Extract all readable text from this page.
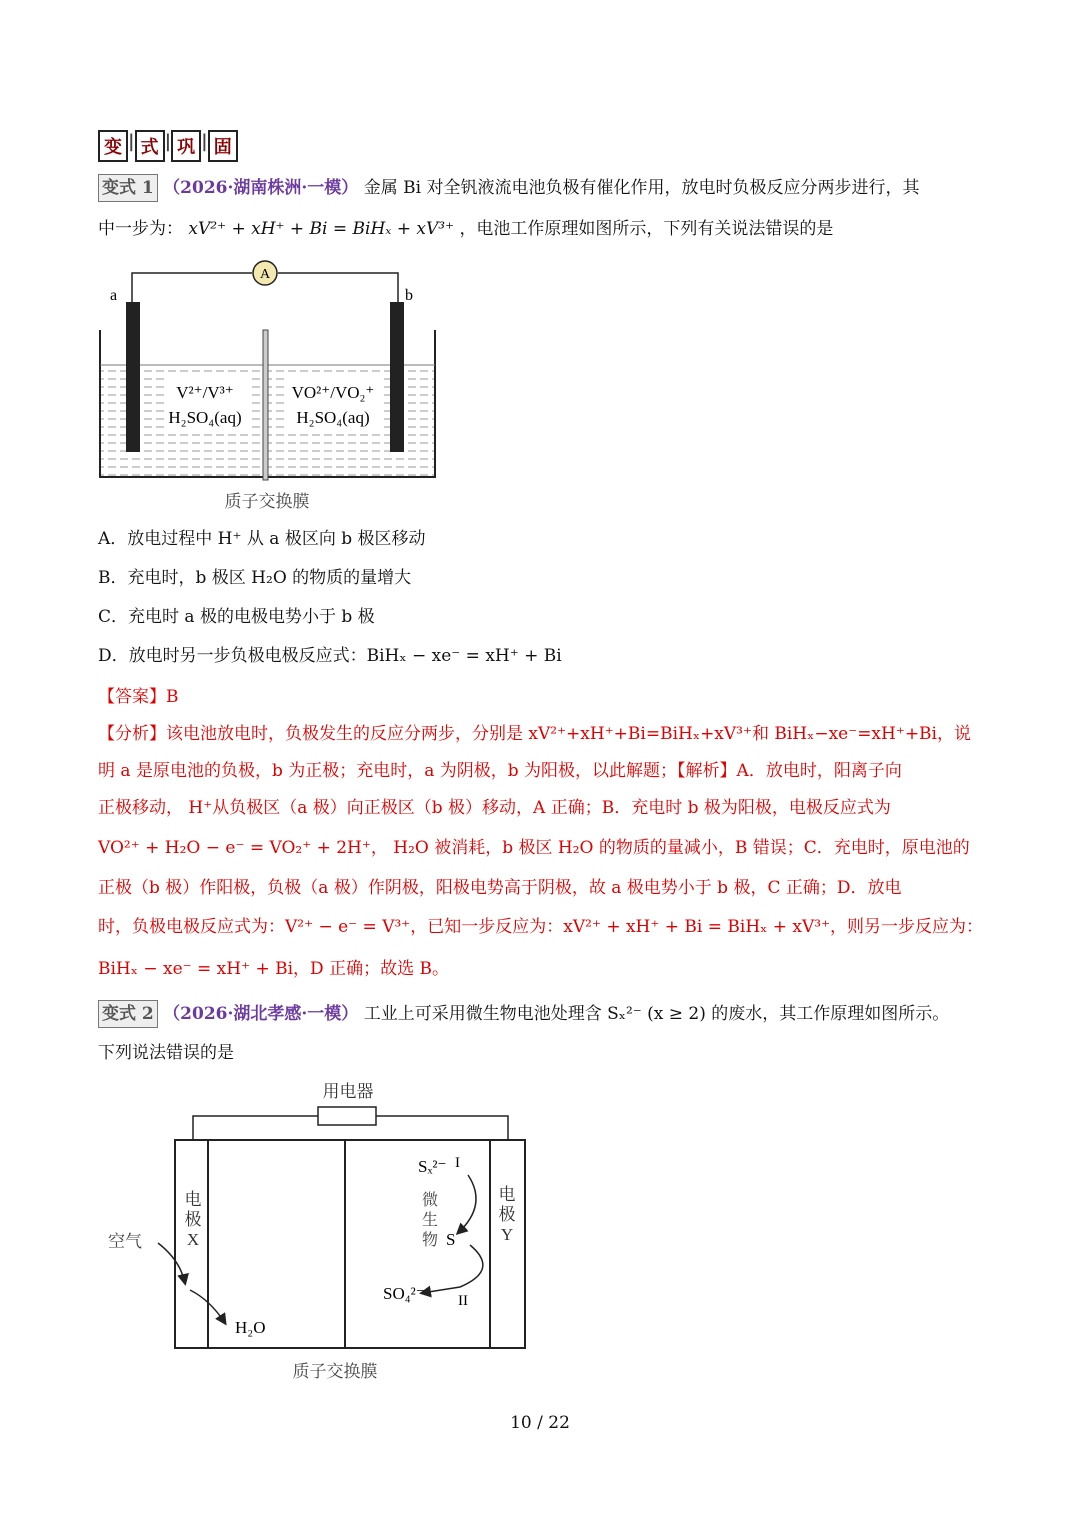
变 | 式 | 巩 | 固
变式 1 （2026·湖南株洲·一模） 金属 Bi 对全钒液流电池负极有催化作用，放电时负极反应分两步进行，其
中一步为： xV²⁺ + xH⁺ + Bi = BiHₓ + xV³⁺ ，电池工作原理如图所示，下列有关说法错误的是
A
a	b
V²⁺/V³⁺
H₂SO₄(aq)
VO²⁺/VO₂⁺
H₂SO₄(aq)
质子交换膜
A．放电过程中 H⁺ 从 a 极区向 b 极区移动
B．充电时，b 极区 H₂O 的物质的量增大
C．充电时 a 极的电极电势小于 b 极
D．放电时另一步负极电极反应式：BiHₓ − xe⁻ = xH⁺ + Bi
【答案】B
【分析】该电池放电时，负极发生的反应分两步，分别是 xV²⁺+xH⁺+Bi=BiHₓ+xV³⁺和 BiHₓ−xe⁻=xH⁺+Bi，说
明 a 是原电池的负极，b 为正极；充电时，a 为阴极，b 为阳极，以此解题；【解析】A．放电时，阳离子向
正极移动， H⁺从负极区（a 极）向正极区（b 极）移动，A 正确；B．充电时 b 极为阳极，电极反应式为
VO²⁺ + H₂O − e⁻ = VO₂⁺ + 2H⁺， H₂O 被消耗，b 极区 H₂O 的物质的量减小，B 错误；C．充电时，原电池的
正极（b 极）作阳极，负极（a 极）作阴极，阳极电势高于阴极，故 a 极电势小于 b 极，C 正确；D．放电
时，负极电极反应式为：V²⁺ − e⁻ = V³⁺，已知一步反应为：xV²⁺ + xH⁺ + Bi = BiHₓ + xV³⁺，则另一步反应为：
BiHₓ − xe⁻ = xH⁺ + Bi，D 正确；故选 B。
变式 2 （2026·湖北孝感·一模） 工业上可采用微生物电池处理含 Sₓ²⁻ (x ≥ 2) 的废水，其工作原理如图所示。
下列说法错误的是
用电器
电
极
X
电
极
Y
空气
H₂O
Sₓ²⁻ I
微
生
物 S
SO₄²⁻ II
质子交换膜
10 / 22
